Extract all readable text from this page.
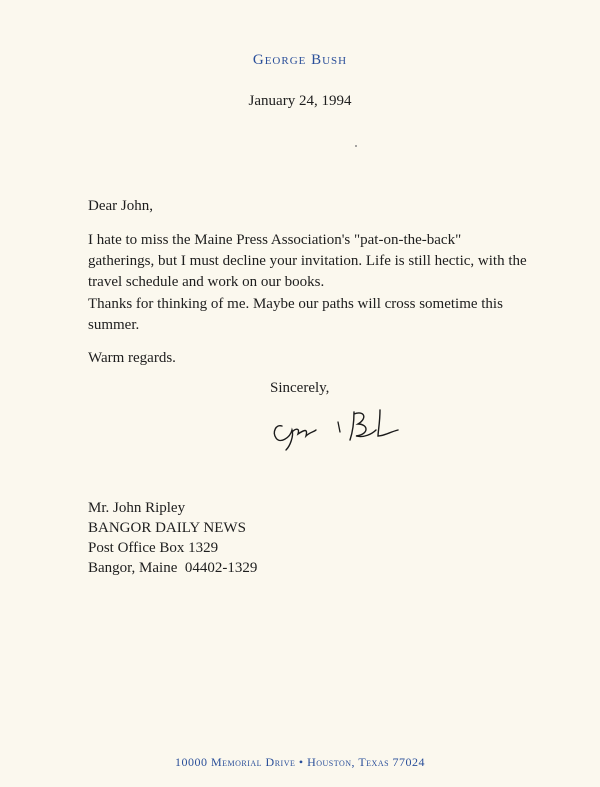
George Bush
January 24, 1994
Dear John,
I hate to miss the Maine Press Association's "pat-on-the-back" gatherings, but I must decline your invitation. Life is still hectic, with the travel schedule and work on our books.
Thanks for thinking of me. Maybe our paths will cross sometime this summer.
Warm regards.
Sincerely,
Mr. John Ripley
BANGOR DAILY NEWS
Post Office Box 1329
Bangor, Maine  04402-1329
10000 Memorial Drive • Houston, Texas 77024
